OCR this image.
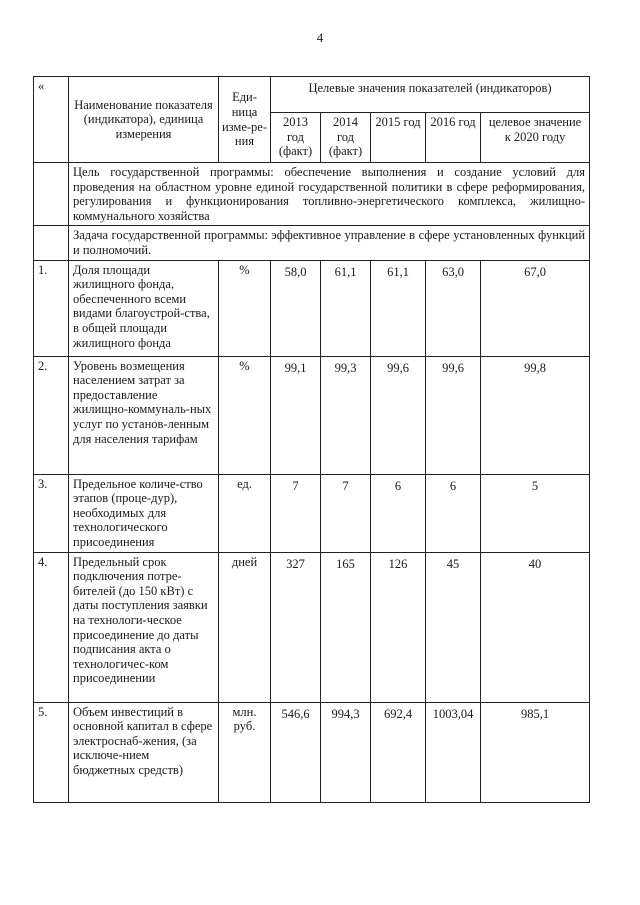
4
«	Наименование показателя (индикатора), единица измерения	Еди-ница изме-ре-ния	Целевые значения показателей (индикаторов)				
			2013 год (факт)	2014 год (факт)	2015 год	2016 год	целевое значение к 2020 году
	Цель государственной программы: обеспечение выполнения и создание условий для проведения на областном уровне единой государственной политики в сфере реформирования, регулирования и функционирования топливно-энергетического комплекса, жилищно-коммунального хозяйства						
	Задача государственной программы: эффективное управление в сфере установленных функций и полномочий.						
1.	Доля площади жилищного фонда, обеспеченного всеми видами благоустрой-ства, в общей площади жилищного фонда	%	58,0	61,1	61,1	63,0	67,0
2.	Уровень возмещения населением затрат за предоставление жилищно-коммуналь-ных услуг по установ-ленным для населения тарифам	%	99,1	99,3	99,6	99,6	99,8
3.	Предельное количе-ство этапов (проце-дур), необходимых для технологического присоединения	ед.	7	7	6	6	5
4.	Предельный срок подключения потре-бителей (до 150 кВт) с даты поступления заявки на технологи-ческое присоединение до даты подписания акта о технологичес-ком присоединении	дней	327	165	126	45	40
5.	Объем инвестиций в основной капитал в сфере электроснаб-жения, (за исключе-нием бюджетных средств)	млн. руб.	546,6	994,3	692,4	1003,04	985,1
